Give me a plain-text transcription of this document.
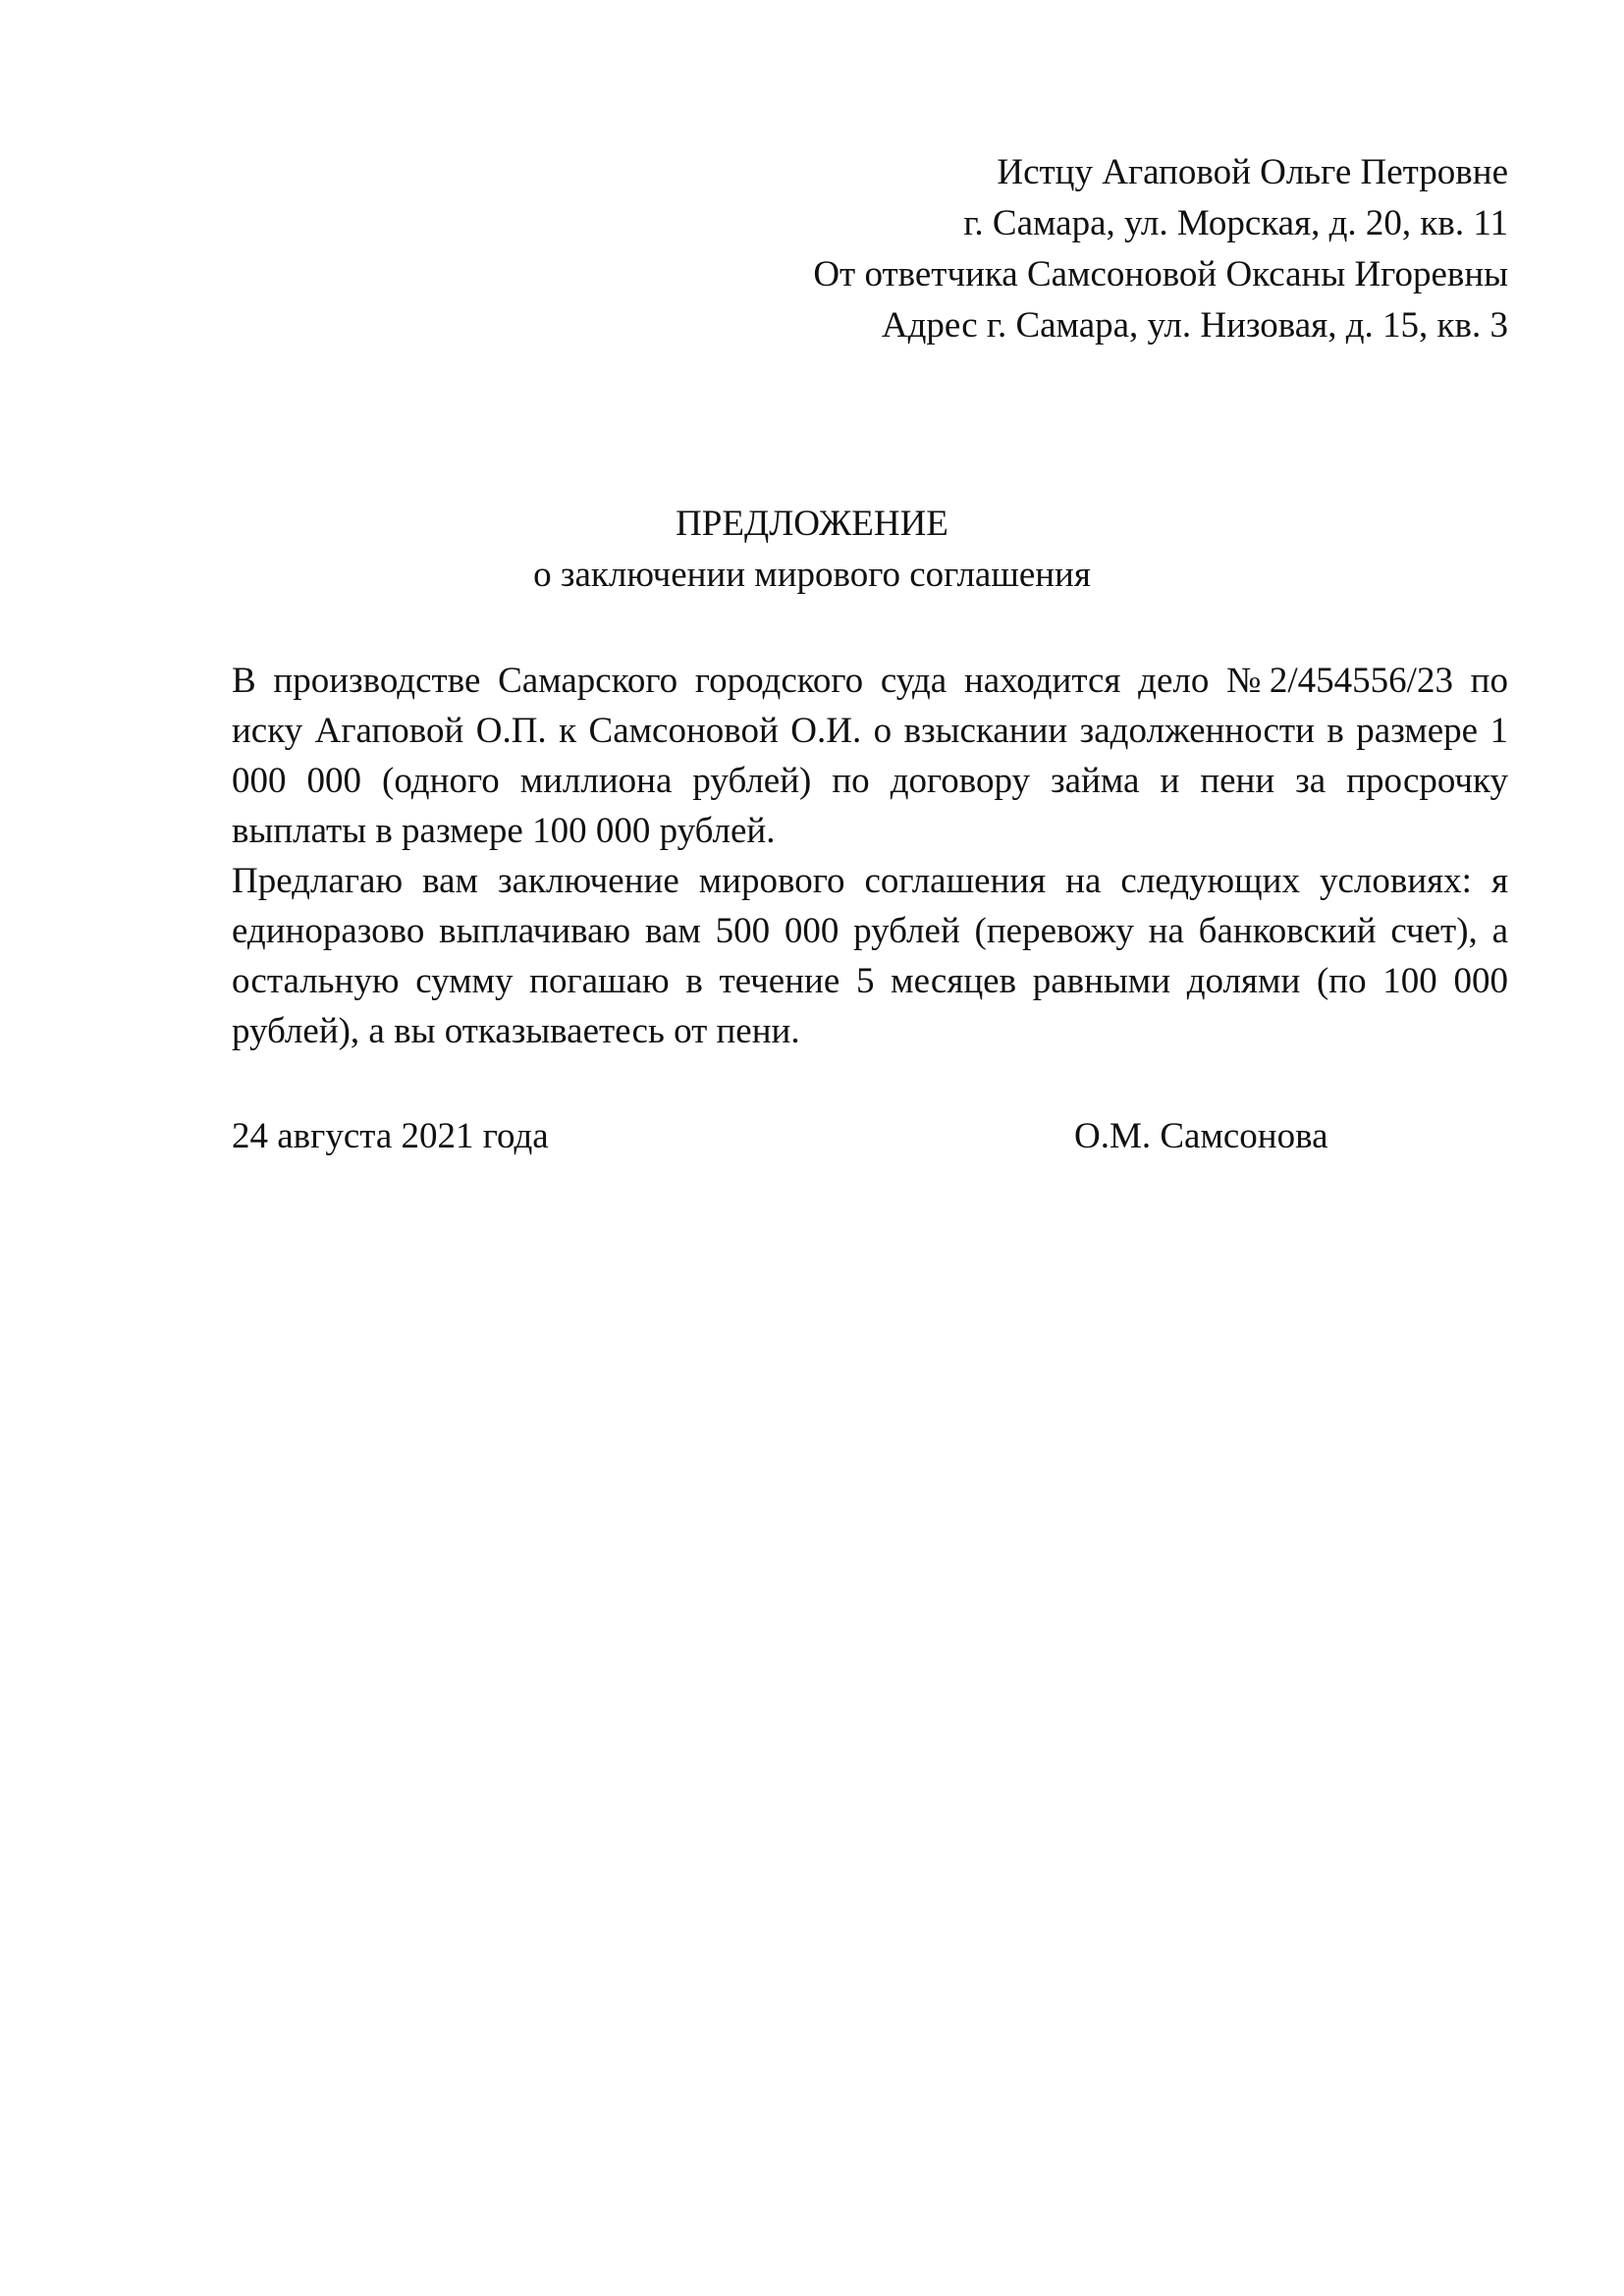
Истцу Агаповой Ольге Петровне
г. Самара, ул. Морская, д. 20, кв. 11
От ответчика Самсоновой Оксаны Игоревны
Адрес г. Самара, ул. Низовая, д. 15, кв. 3
ПРЕДЛОЖЕНИЕ
о заключении мирового соглашения

В производстве Самарского городского суда находится дело №2/454556/23 по иску Агаповой О.П. к Самсоновой О.И. о взыскании задолженности в размере 1 000 000 (одного миллиона рублей) по договору займа и пени за просрочку выплаты в размере 100 000 рублей.

Предлагаю вам заключение мирового соглашения на следующих условиях: я единоразово выплачиваю вам 500 000 рублей (перевожу на банковский счет), а остальную сумму погашаю в течение 5 месяцев равными долями (по 100 000 рублей), а вы отказываетесь от пени.

24 августа 2021 года	О.М. Самсонова
